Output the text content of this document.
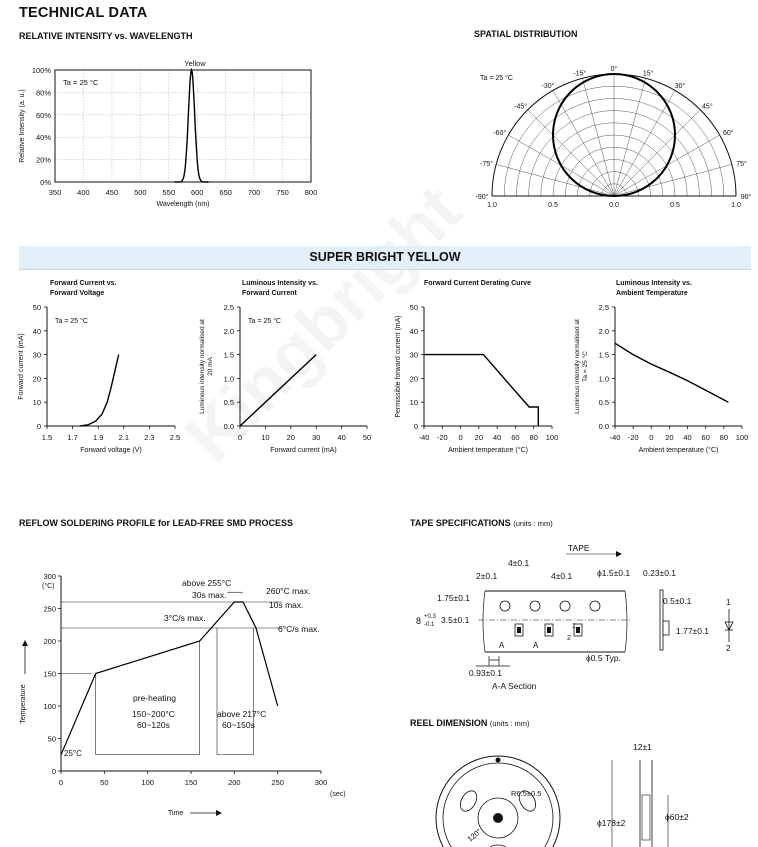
TECHNICAL DATA
RELATIVE INTENSITY vs. WAVELENGTH
100%
80%
60%
40%
20%
0%
350 400 450 500 550 600 650 700 750 800
Wavelength (nm)
Relative Intensity (a. u.)
Yellow
Ta = 25 °C
SPATIAL DISTRIBUTION
-90°
-75°
-60°
-45°
-30°
-15°
0°
15°
30°
45°
60°
75°
90°
1.0	0.5	0.0	0.5	1.0
Ta = 25 °C
SUPER BRIGHT YELLOW
Forward Current vs.
Forward Voltage
50
40
30
20
10
0
1.5 1.7 1.9 2.1 2.3 2.5
Forward voltage (V)
Forward current (mA)
Ta = 25 °C
Luminous Intensity vs.
Forward Current
2.5
2.0
1.5
1.0
0.5
0.0
0	10 20 30 40 50
Forward current (mA)
Luminous intensity normalised at 20 mA
Ta = 25 °C
Forward Current Derating Curve
50
40
30
20
10
0
-40 -20 0 20 40 60 80 100
Ambient temperature (°C)
Permissible forward current (mA)
Luminous Intensity vs.
Ambient Temperature
2.5
2.0
1.5
1.0
0.5
0.0
-40 -20 0 20 40 60 80 100
Ambient temperature (°C)
Luminous intensity normalised at Ta = 25 °C
REFLOW SOLDERING PROFILE for LEAD-FREE SMD PROCESS
300
250
200
150
100
50
0
0	50	100	150	200	250	300
(°C)
(sec)
Temperature
Time
25°C
above 255°C
30s max.	260°C max.
10s max.
3°C/s max.
6°C/s max.
pre-heating
150~200°C
60~120s
above 217°C
60~150s
TAPE SPECIFICATIONS (units : mm)
TAPE
2±0.1
4±0.1
4±0.1	ϕ1.5±0.1 0.23±0.1
1.75±0.1
3.5±0.1
8 +0.3
-0.1
0.5±0.1
1.77±0.1
ϕ0.5 Typ.
0.93±0.1
A-A Section
A	A
1
2
1
2
REEL DIMENSION (units : mm)
R6.5±0.5
120°
12±1
ϕ178±2
ϕ60±2
